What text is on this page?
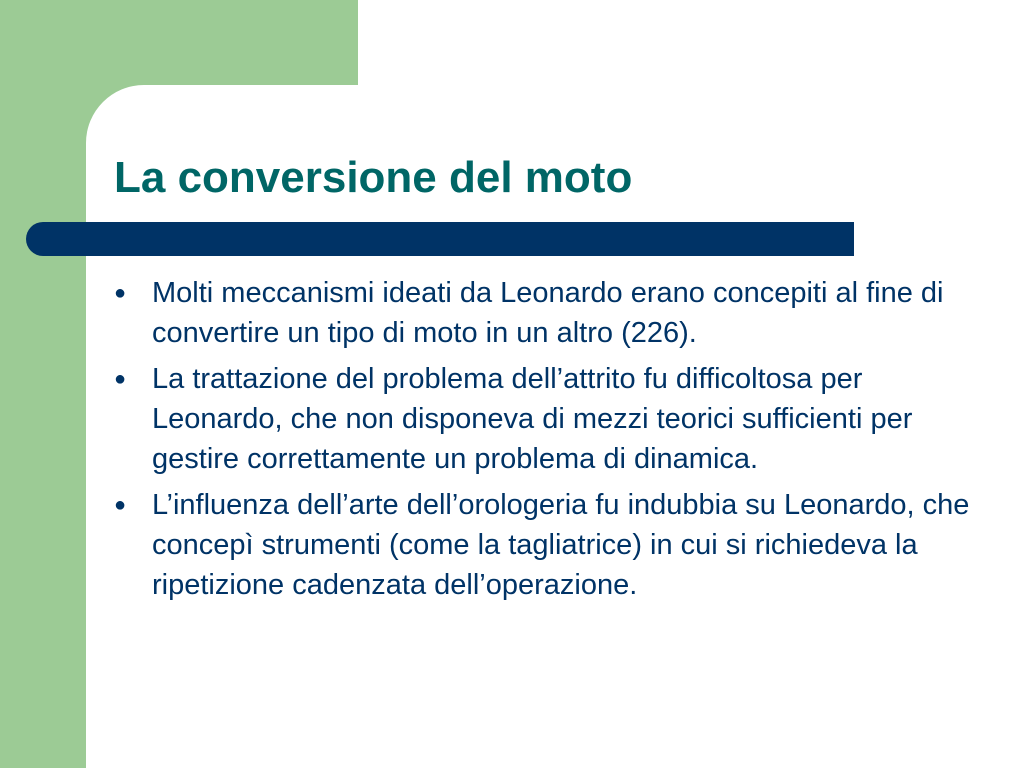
La conversione del moto
● Molti meccanismi ideati da Leonardo erano concepiti al fine di convertire un tipo di moto in un altro (226).
● La trattazione del problema dell’attrito fu difficoltosa per Leonardo, che non disponeva di mezzi teorici sufficienti per gestire correttamente un problema di dinamica.
● L’influenza dell’arte dell’orologeria fu indubbia su Leonardo, che concepì strumenti (come la tagliatrice) in cui si richiedeva la ripetizione cadenzata dell’operazione.
